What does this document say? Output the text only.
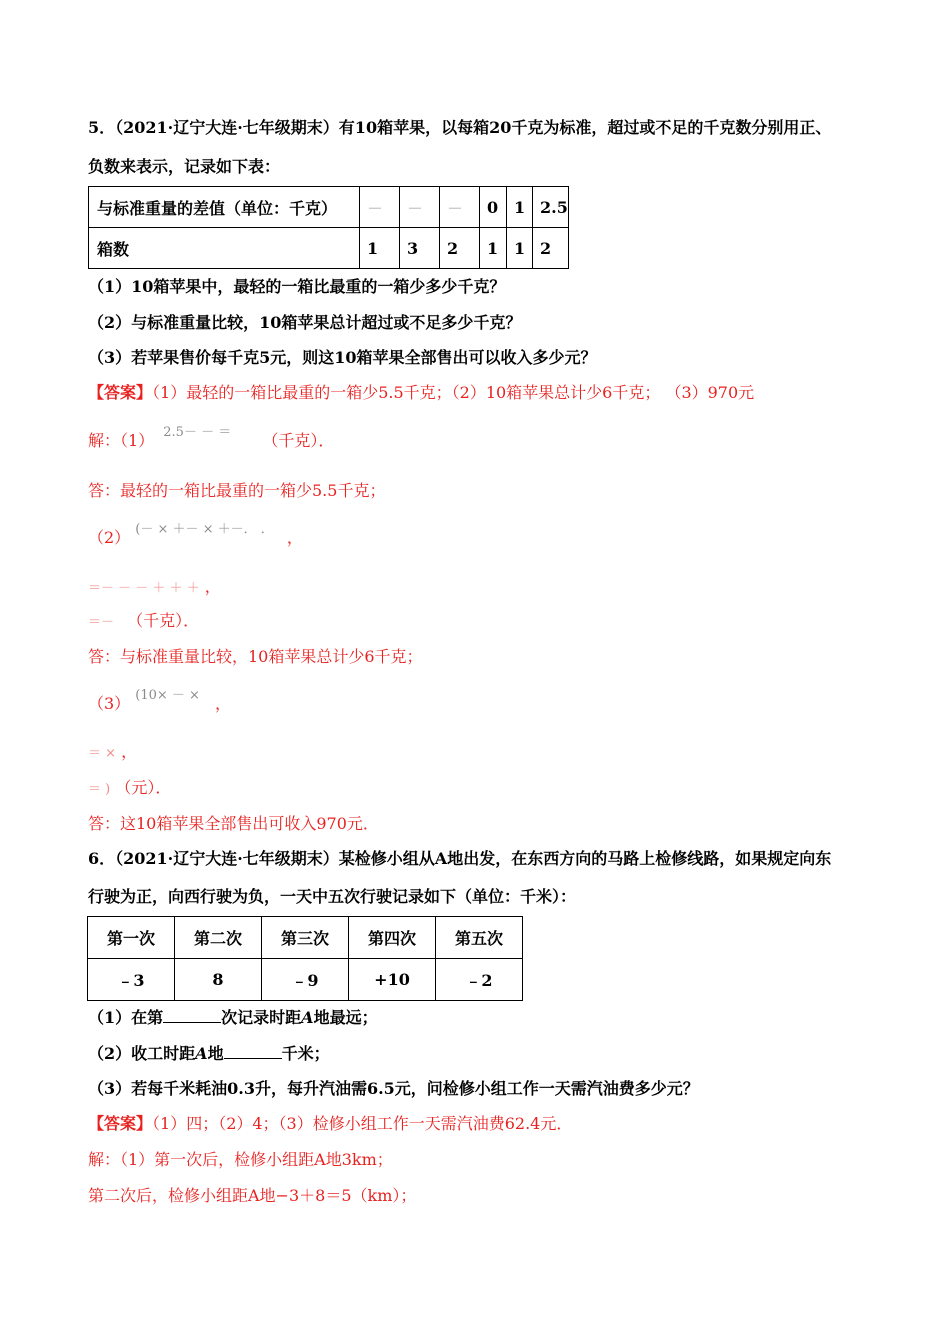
5．（2021·辽宁大连·七年级期末）有10箱苹果，以每箱20千克为标准，超过或不足的千克数分别用正、
负数来表示，记录如下表：
与标准重量的差值（单位：千克）	－	－	－	0	1	2.5
箱数	1	3	2	1	1	2
（1）10箱苹果中，最轻的一箱比最重的一箱少多少千克？
（2）与标准重量比较，10箱苹果总计超过或不足多少千克？
（3）若苹果售价每千克5元，则这10箱苹果全部售出可以收入多少元？
【答案】（1）最轻的一箱比最重的一箱少5.5千克；（2）10箱苹果总计少6千克； （3）970元
解：（1） $^{2.5- - =}$ （千克）．
答：最轻的一箱比最重的一箱少5.5千克；
（2） (－ × ＋－ × ＋－． ． ，
＝－ － － ＋ ＋ ＋ ，
＝－ （千克）．
答：与标准重量比较，10箱苹果总计少6千克；
（3） $^{(10\times - \times}$ ，
＝ × ，
＝ ) （元）．
答：这10箱苹果全部售出可收入970元．
6．（2021·辽宁大连·七年级期末）某检修小组从A地出发，在东西方向的马路上检修线路，如果规定向东
行驶为正，向西行驶为负，一天中五次行驶记录如下（单位：千米）：
第一次	第二次	第三次	第四次	第五次
﹣3	8	﹣9	+10	﹣2
（1）在第	次记录时距A地最远；
（2）收工时距A地	千米；
（3）若每千米耗油0.3升，每升汽油需6.5元，问检修小组工作一天需汽油费多少元？
【答案】（1）四；（2）4；（3）检修小组工作一天需汽油费62.4元．
解：（1）第一次后，检修小组距A地3km；
第二次后，检修小组距A地−3＋8＝5（km）；
